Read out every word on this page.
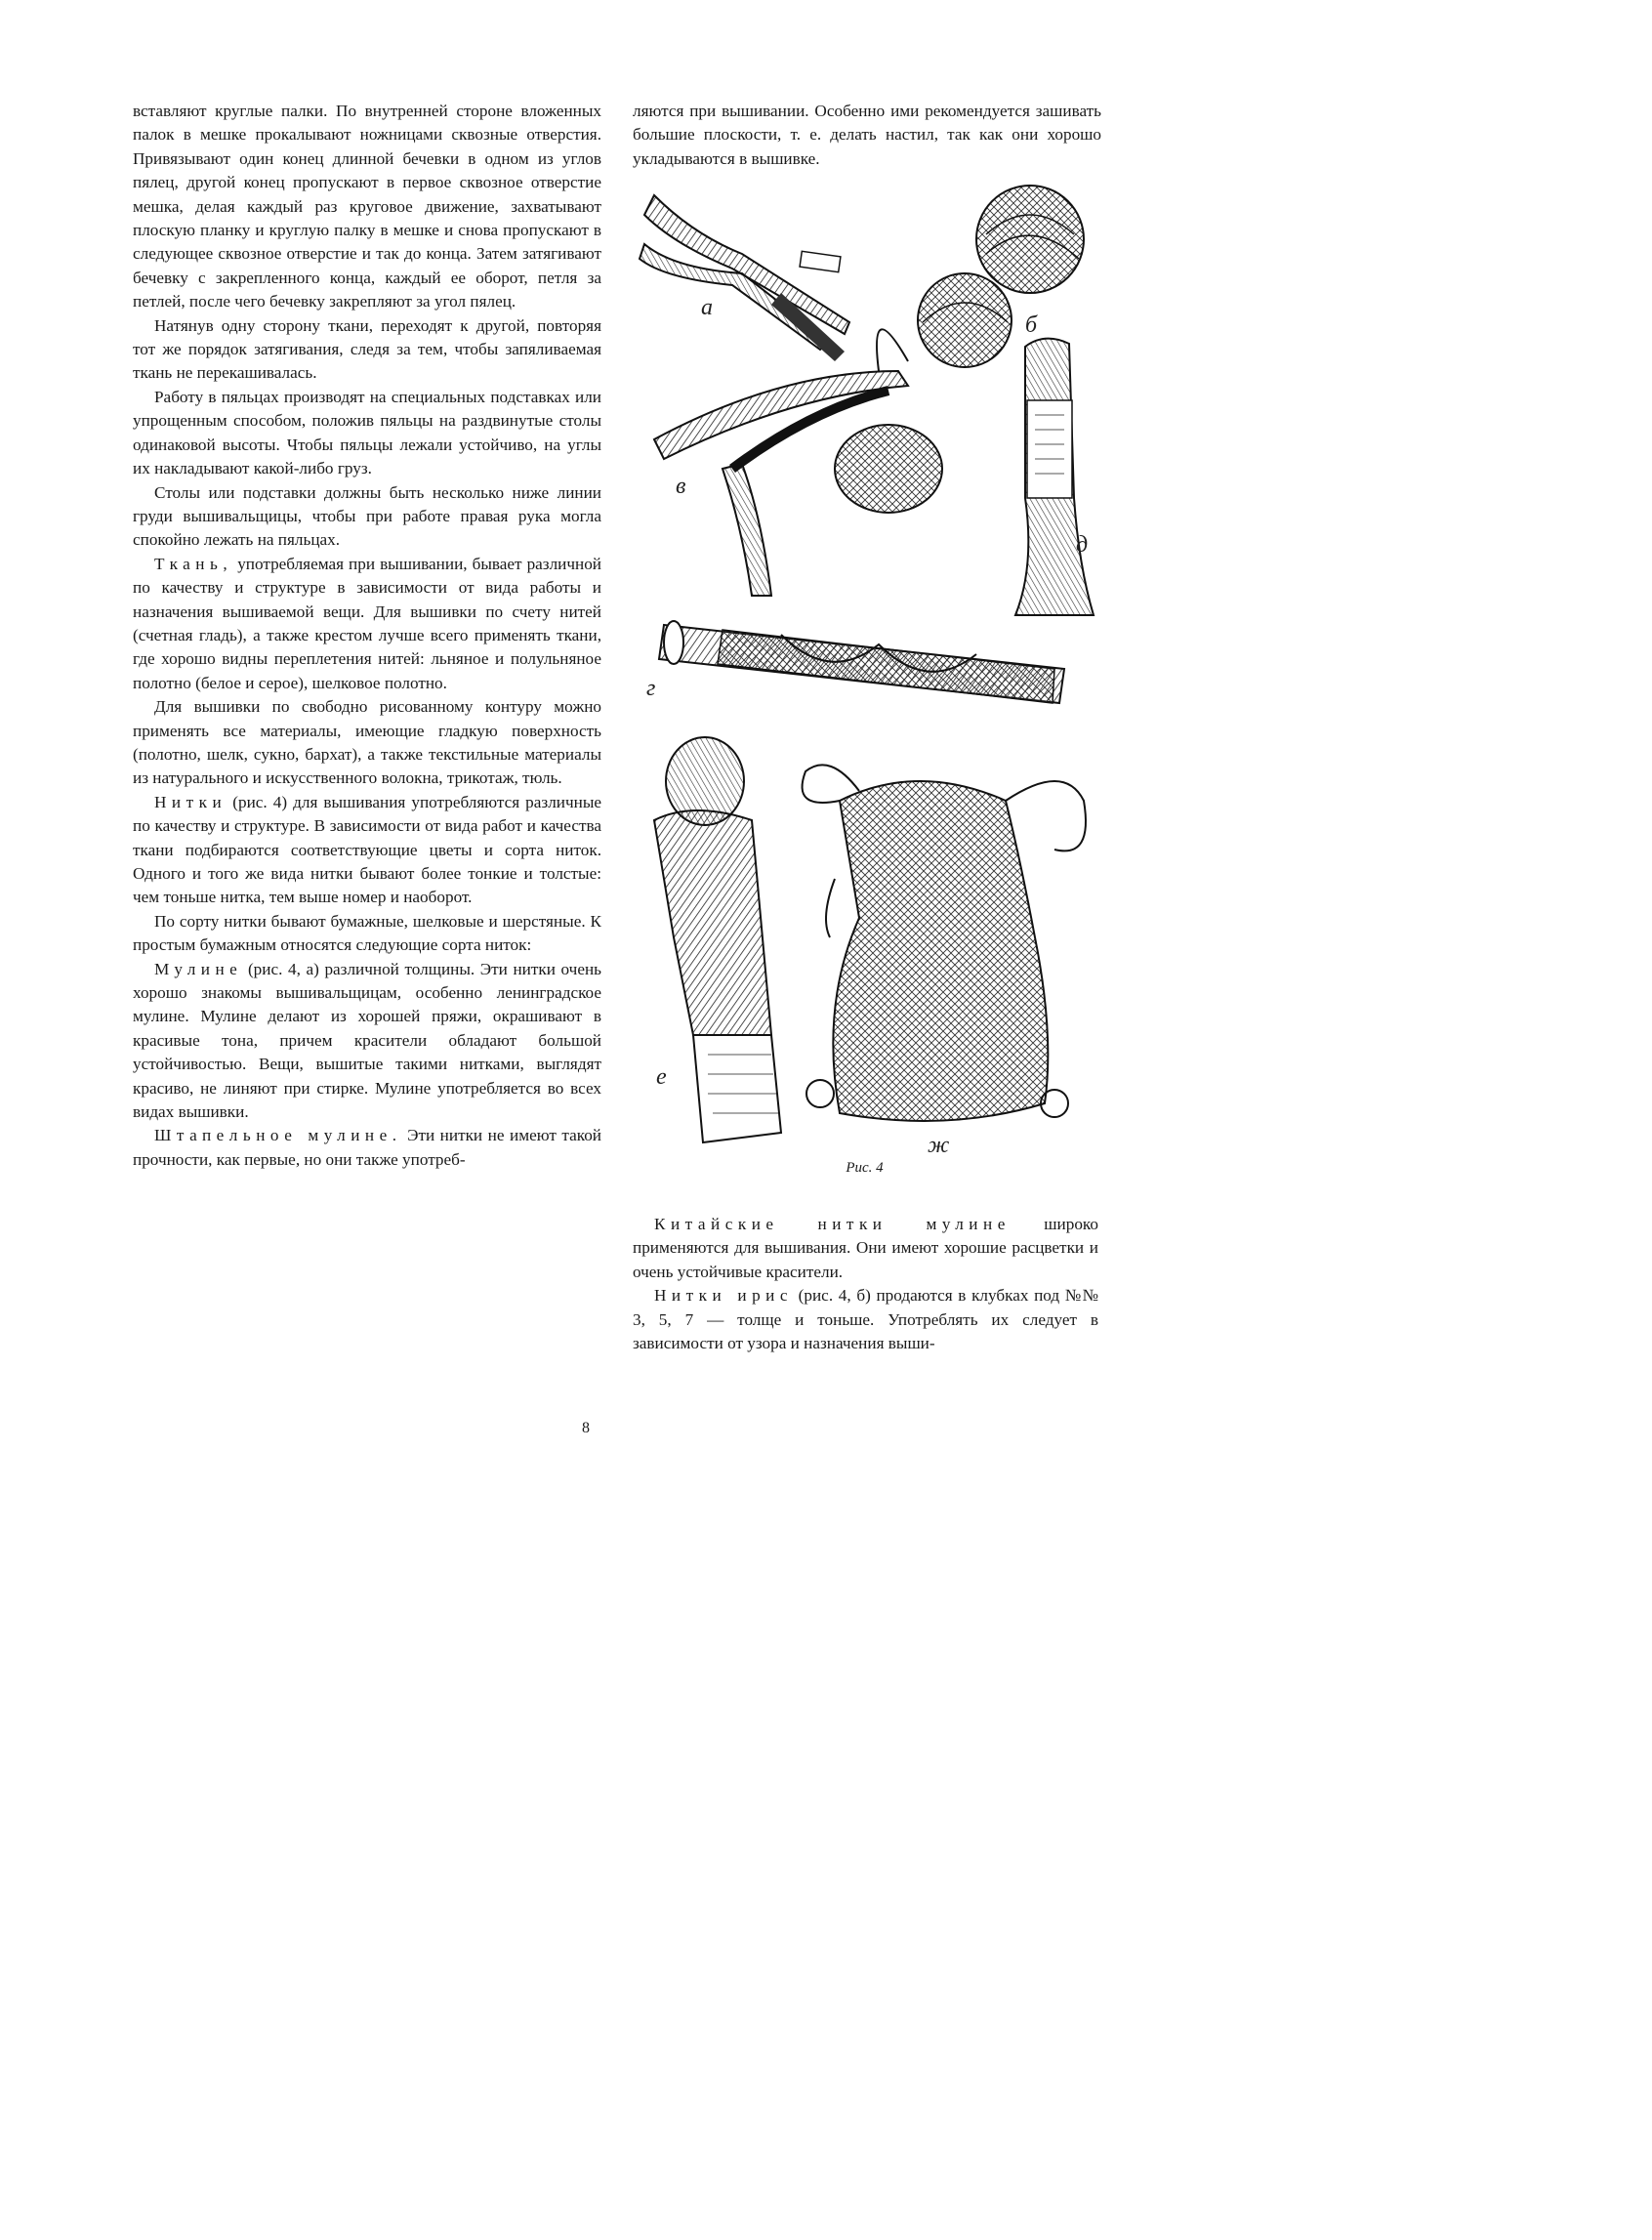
вставляют круглые палки. По внутренней стороне вложенных палок в мешке прокалывают ножницами сквозные отверстия. Привязывают один конец длинной бечевки в одном из углов пялец, другой конец пропускают в первое сквозное отверстие мешка, делая каждый раз круговое движение, захватывают плоскую планку и круглую палку в мешке и снова пропускают в следующее сквозное отверстие и так до конца. Затем затягивают бечевку с закрепленного конца, каждый ее оборот, петля за петлей, после чего бечевку закрепляют за угол пялец.

Натянув одну сторону ткани, переходят к другой, повторяя тот же порядок затягивания, следя за тем, чтобы запяливаемая ткань не перекашивалась.

Работу в пяльцах производят на специальных подставках или упрощенным способом, положив пяльцы на раздвинутые столы одинаковой высоты. Чтобы пяльцы лежали устойчиво, на углы их накладывают какой-либо груз.

Столы или подставки должны быть несколько ниже линии груди вышивальщицы, чтобы при работе правая рука могла спокойно лежать на пяльцах.

Ткань, употребляемая при вышивании, бывает различной по качеству и структуре в зависимости от вида работы и назначения вышиваемой вещи. Для вышивки по счету нитей (счетная гладь), а также крестом лучше всего применять ткани, где хорошо видны переплетения нитей: льняное и полульняное полотно (белое и серое), шелковое полотно.

Для вышивки по свободно рисованному контуру можно применять все материалы, имеющие гладкую поверхность (полотно, шелк, сукно, бархат), а также текстильные материалы из натурального и искусственного волокна, трикотаж, тюль.

Нитки (рис. 4) для вышивания употребляются различные по качеству и структуре. В зависимости от вида работ и качества ткани подбираются соответствующие цветы и сорта ниток. Одного и того же вида нитки бывают более тонкие и толстые: чем тоньше нитка, тем выше номер и наоборот.

По сорту нитки бывают бумажные, шелковые и шерстяные. К простым бумажным относятся следующие сорта ниток:

Мулине (рис. 4, а) различной толщины. Эти нитки очень хорошо знакомы вышивальщицам, особенно ленинградское мулине. Мулине делают из хорошей пряжи, окрашивают в красивые тона, причем красители обладают большой устойчивостью. Вещи, вышитые такими нитками, выглядят красиво, не линяют при стирке. Мулине употребляется во всех видах вышивки.

Штапельное мулине. Эти нитки не имеют такой прочности, как первые, но они также употреб-

ляются при вышивании. Особенно ими рекомендуется зашивать большие плоскости, т. е. делать настил, так как они хорошо укладываются в вышивке.

а
б
в
д
г
е
ж
Рис. 4

Китайские нитки мулине широко применяются для вышивания. Они имеют хорошие расцветки и очень устойчивые красители.

Нитки ирис (рис. 4, б) продаются в клубках под №№ 3, 5, 7 — толще и тоньше. Употреблять их следует в зависимости от узора и назначения выши-

8
